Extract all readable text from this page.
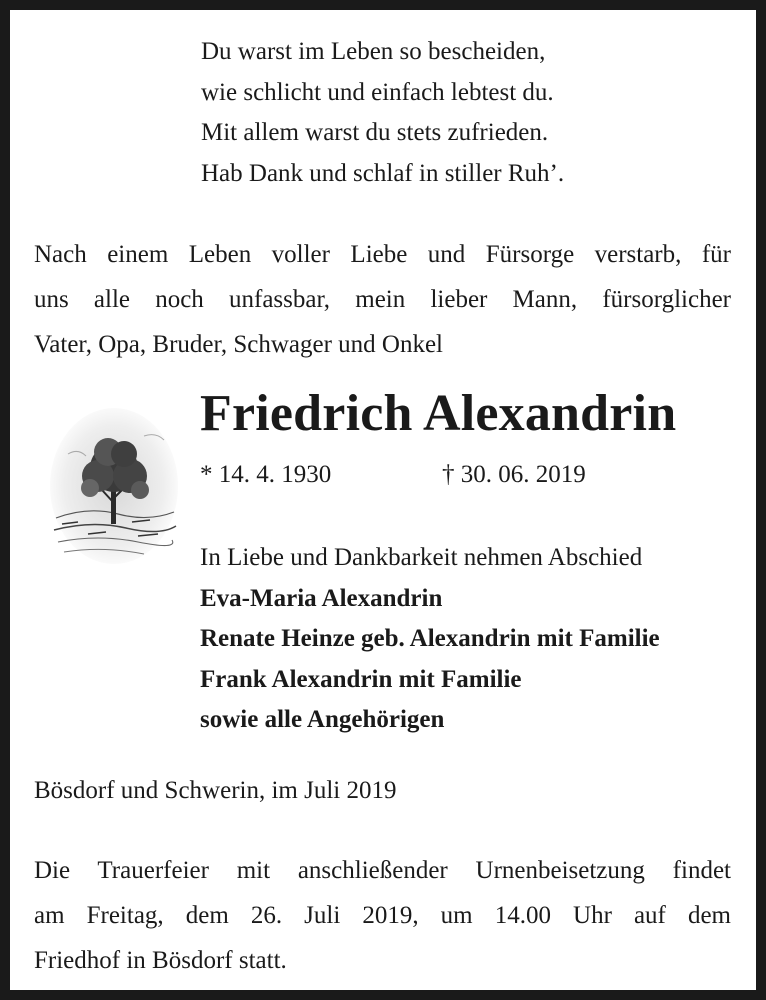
Du warst im Leben so bescheiden,
wie schlicht und einfach lebtest du.
Mit allem warst du stets zufrieden.
Hab Dank und schlaf in stiller Ruh’.

Nach einem Leben voller Liebe und Fürsorge verstarb, für
uns alle noch unfassbar, mein lieber Mann, fürsorglicher
Vater, Opa, Bruder, Schwager und Onkel

Friedrich Alexandrin
* 14. 4. 1930	† 30. 06. 2019

In Liebe und Dankbarkeit nehmen Abschied
Eva-Maria Alexandrin
Renate Heinze geb. Alexandrin mit Familie
Frank Alexandrin mit Familie
sowie alle Angehörigen

Bösdorf und Schwerin, im Juli 2019

Die Trauerfeier mit anschließender Urnenbeisetzung findet
am Freitag, dem 26. Juli 2019, um 14.00 Uhr auf dem
Friedhof in Bösdorf statt.
